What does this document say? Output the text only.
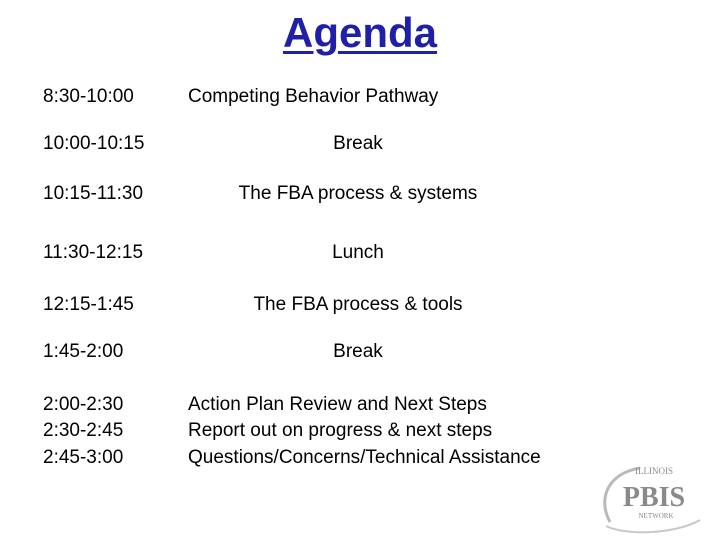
Agenda
8:30-10:00	Competing Behavior Pathway
10:00-10:15	Break
10:15-11:30	The FBA process & systems
11:30-12:15	Lunch
12:15-1:45	The FBA process & tools
1:45-2:00	Break
2:00-2:30	Action Plan Review and Next Steps
2:30-2:45	Report out on progress & next steps
2:45-3:00	Questions/Concerns/Technical Assistance
ILLINOIS
PBIS
NETWORK
